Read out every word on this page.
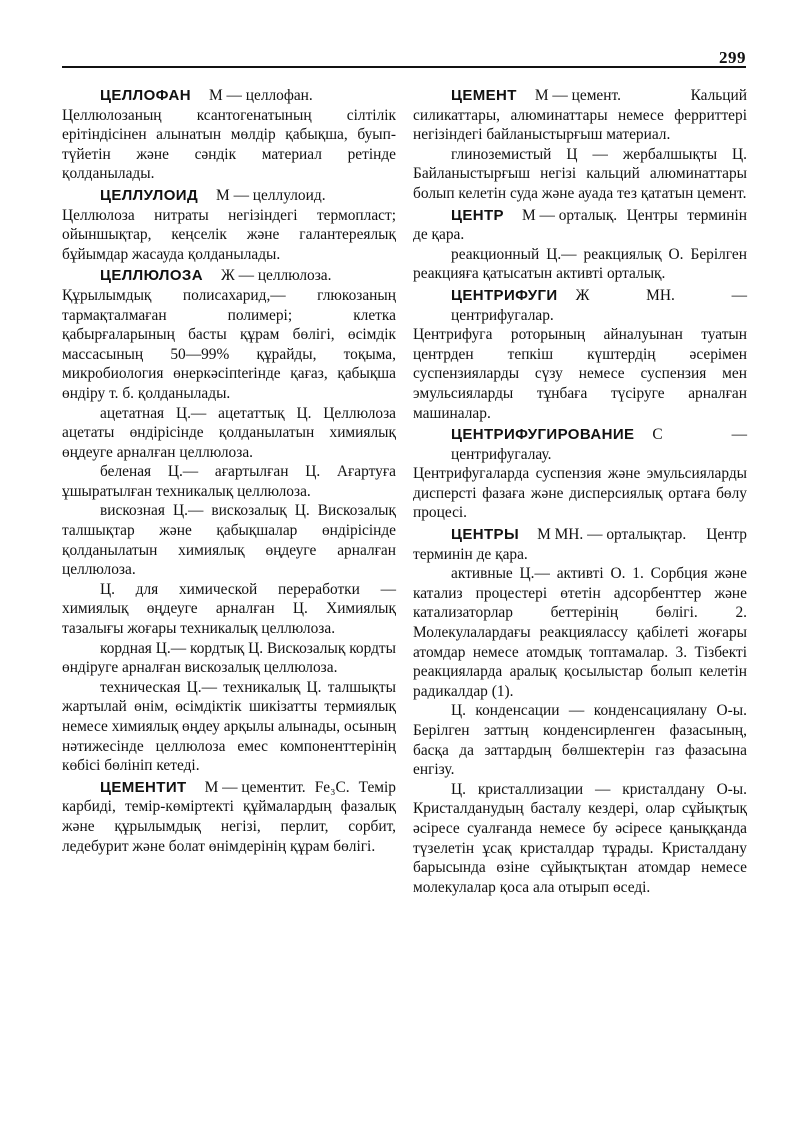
299

ЦЕЛЛОФАН М — целлофан. Целлюлозаның ксантогенатының сілтілік ерітіндісінен алынатын мөлдір қабықша, буып-түйетін және сәндік материал ретінде қолданылады.

ЦЕЛЛУЛОИД М — целлулоид. Целлюлоза нитраты негізіндегі термопласт; ойыншықтар, кеңселік және галантереялық бұйымдар жасауда қолданылады.

ЦЕЛЛЮЛОЗА Ж — целлюлоза. Құрылымдық полисахарид,— глюкозаның тармақталмаған полимері; клетка қабырғаларының басты құрам бөлігі, өсімдік массасының 50—99% құрайды, тоқыма, микробиология өнеркәсіпterінде қағаз, қабықша өндіру т. б. қолданылады.

ацетатная Ц.— ацетаттық Ц. Целлюлоза ацетаты өндірісінде қолданылатын химиялық өңдеуге арналған целлюлоза.

беленая Ц.— ағартылған Ц. Ағартуға ұшыратылған техникалық целлюлоза.

вискозная Ц.— вискозалық Ц. Вискозалық талшықтар және қабықшалар өндірісінде қолданылатын химиялық өңдеуге арналған целлюлоза.

Ц. для химической переработки — химиялық өңдеуге арналған Ц. Химиялық тазалығы жоғары техникалық целлюлоза.

кордная Ц.— кордтық Ц. Вискозалық кордты өндіруге арналған вискозалық целлюлоза.

техническая Ц.— техникалық Ц. талшықты жартылай өнім, өсімдіктік шикізатты термиялық немесе химиялық өңдеу арқылы алынады, осының нәтижесінде целлюлоза емес компоненттерінің көбісі бөлініп кетеді.

ЦЕМЕНТИТ М — цементит. Fe₃C. Темір карбиді, темір-көміртекті құймалардың фазалық және құрылымдық негізі, перлит, сорбит, ледебурит және болат өнімдерінің құрам бөлігі.

ЦЕМЕНТ М — цемент.	Кальций силикаттары, алюминаттары немесе ферриттері негізіндегі байланыстырғыш материал.

глиноземистый Ц — жербалшықты Ц. Байланыстырғыш негізі кальций алюминаттары болып келетін суда және ауада тез қататын цемент.

ЦЕНТР М — орталық. Центры терминін де қара.

реакционный Ц.— реакциялық О. Берілген реакцияға қатысатын активті орталық.

ЦЕНТРИФУГИ Ж МН. — центрифугалар. Центрифуга роторының айналуынан туатын центрден тепкіш күштердің әсерімен суспензияларды сүзу немесе суспензия мен эмульсияларды тұнбаға түсіруге арналған машиналар.

ЦЕНТРИФУГИРОВАНИЕ С — центрифугалау. Центрифугаларда суспензия және эмульсияларды дисперсті фазаға және дисперсиялық ортаға бөлу процесі.

ЦЕНТРЫ М МН. — орталықтар. Центр терминін де қара.

активные Ц.— активті О. 1. Сорбция және катализ процестері өтетін адсорбенттер және катализаторлар беттерінің бөлігі. 2. Молекулалардағы реакциялассу қабілеті жоғары атомдар немесе атомдық топтамалар. 3. Тізбекті реакцияларда аралық қосылыстар болып келетін радикалдар (1).

Ц. конденсации — конденсациялану О-ы. Берілген заттың конденсирленген фазасының, басқа да заттардың бөлшектерін газ фазасына енгізу.

Ц. кристаллизации — кристалдану О-ы. Кристалданудың басталу кездері, олар сұйықтық әсіресе суалғанда немесе бу әсіресе қаныққанда түзелетін ұсақ кристалдар тұрады. Кристалдану барысында өзіне сұйықтықтан атомдар немесе молекулалар қоса ала отырып өседі.
